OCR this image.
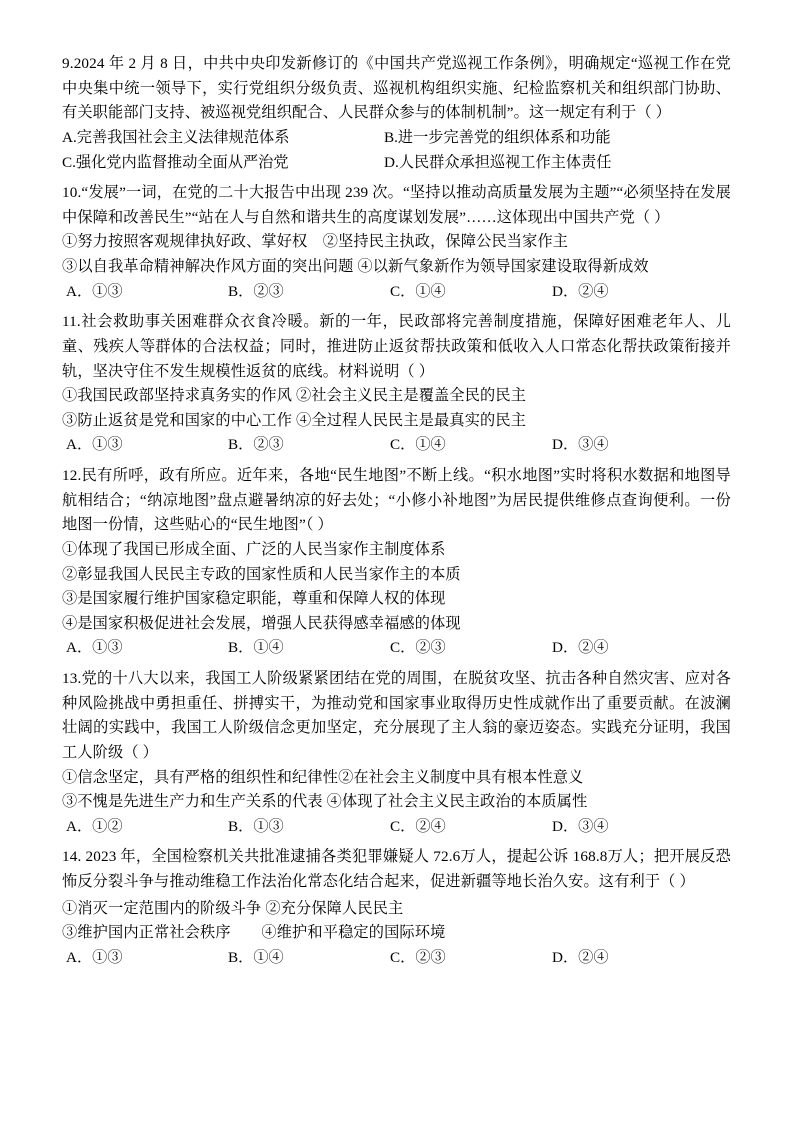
9.2024 年 2 月 8 日，中共中央印发新修订的《中国共产党巡视工作条例》，明确规定“巡视工作在党中央集中统一领导下，实行党组织分级负责、巡视机构组织实施、纪检监察机关和组织部门协助、有关职能部门支持、被巡视党组织配合、人民群众参与的体制机制”。这一规定有利于（ ）
A.完善我国社会主义法律规范体系	B.进一步完善党的组织体系和功能
C.强化党内监督推动全面从严治党	D.人民群众承担巡视工作主体责任
10.“发展”一词，在党的二十大报告中出现 239 次。“坚持以推动高质量发展为主题”“必须坚持在发展中保障和改善民生”“站在人与自然和谐共生的高度谋划发展”……这体现出中国共产党（ ）
①努力按照客观规律执好政、掌好权　②坚持民主执政，保障公民当家作主
③以自我革命精神解决作风方面的突出问题 ④以新气象新作为领导国家建设取得新成效
A．①③	B．②③	C．①④	D．②④
11.社会救助事关困难群众衣食冷暖。新的一年，民政部将完善制度措施，保障好困难老年人、儿童、残疾人等群体的合法权益；同时，推进防止返贫帮扶政策和低收入人口常态化帮扶政策衔接并轨，坚决守住不发生规模性返贫的底线。材料说明（ ）
①我国民政部坚持求真务实的作风 ②社会主义民主是覆盖全民的民主
③防止返贫是党和国家的中心工作 ④全过程人民民主是最真实的民主
A．①③	B．②③	C．①④	D．③④
12.民有所呼，政有所应。近年来，各地“民生地图”不断上线。“积水地图”实时将积水数据和地图导航相结合；“纳凉地图”盘点避暑纳凉的好去处；“小修小补地图”为居民提供维修点查询便利。一份地图一份情，这些贴心的“民生地图”（ ）
①体现了我国已形成全面、广泛的人民当家作主制度体系
②彰显我国人民民主专政的国家性质和人民当家作主的本质
③是国家履行维护国家稳定职能，尊重和保障人权的体现
④是国家积极促进社会发展，增强人民获得感幸福感的体现
A．①③	B．①④	C．②③	D．②④
13.党的十八大以来，我国工人阶级紧紧团结在党的周围，在脱贫攻坚、抗击各种自然灾害、应对各种风险挑战中勇担重任、拼搏实干，为推动党和国家事业取得历史性成就作出了重要贡献。在波澜壮阔的实践中，我国工人阶级信念更加坚定，充分展现了主人翁的豪迈姿态。实践充分证明，我国工人阶级（ ）
①信念坚定，具有严格的组织性和纪律性②在社会主义制度中具有根本性意义
③不愧是先进生产力和生产关系的代表 ④体现了社会主义民主政治的本质属性
A．①②	B．①③	C．②④	D．③④
14. 2023 年，全国检察机关共批准逮捕各类犯罪嫌疑人 72.6万人，提起公诉 168.8万人；把开展反恐怖反分裂斗争与推动维稳工作法治化常态化结合起来，促进新疆等地长治久安。这有利于（ ）
①消灭一定范围内的阶级斗争 ②充分保障人民民主
③维护国内正常社会秩序　　④维护和平稳定的国际环境
A．①③	B．①④	C．②③	D．②④
